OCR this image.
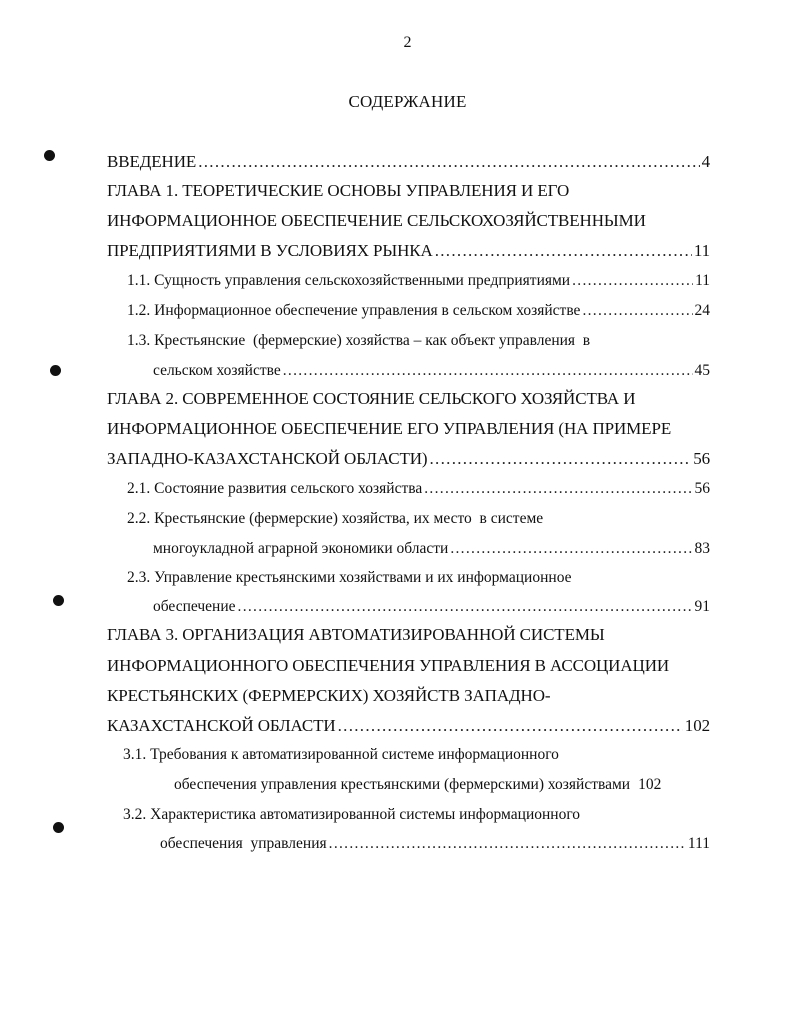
2
СОДЕРЖАНИЕ
ВВЕДЕНИЕ .....	4
ГЛАВА 1. ТЕОРЕТИЧЕСКИЕ ОСНОВЫ УПРАВЛЕНИЯ И ЕГО
ИНФОРМАЦИОННОЕ ОБЕСПЕЧЕНИЕ СЕЛЬСКОХОЗЯЙСТВЕННЫМИ
ПРЕДПРИЯТИЯМИ В УСЛОВИЯХ РЫНКА .....	11
1.1. Сущность управления сельскохозяйственными предприятиями .....	11
1.2. Информационное обеспечение управления в сельском хозяйстве .....	24
1.3. Крестьянские  (фермерские) хозяйства – как объект управления  в
сельском хозяйстве .....	45
ГЛАВА 2. СОВРЕМЕННОЕ СОСТОЯНИЕ СЕЛЬСКОГО ХОЗЯЙСТВА И
ИНФОРМАЦИОННОЕ ОБЕСПЕЧЕНИЕ ЕГО УПРАВЛЕНИЯ (НА ПРИМЕРЕ
ЗАПАДНО-КАЗАХСТАНСКОЙ ОБЛАСТИ) .....	56
2.1. Состояние развития сельского хозяйства .....	56
2.2. Крестьянские (фермерские) хозяйства, их место  в системе
многоукладной аграрной экономики области .....	83
2.3. Управление крестьянскими хозяйствами и их информационное
обеспечение .....	91
ГЛАВА 3. ОРГАНИЗАЦИЯ АВТОМАТИЗИРОВАННОЙ СИСТЕМЫ
ИНФОРМАЦИОННОГО ОБЕСПЕЧЕНИЯ УПРАВЛЕНИЯ В АССОЦИАЦИИ
КРЕСТЬЯНСКИХ (ФЕРМЕРСКИХ) ХОЗЯЙСТВ ЗАПАДНО-
КАЗАХСТАНСКОЙ ОБЛАСТИ .....	102
3.1. Требования к автоматизированной системе информационного
обеспечения управления крестьянскими (фермерскими) хозяйствами 102
3.2. Характеристика автоматизированной системы информационного
обеспечения  управления .....	111
